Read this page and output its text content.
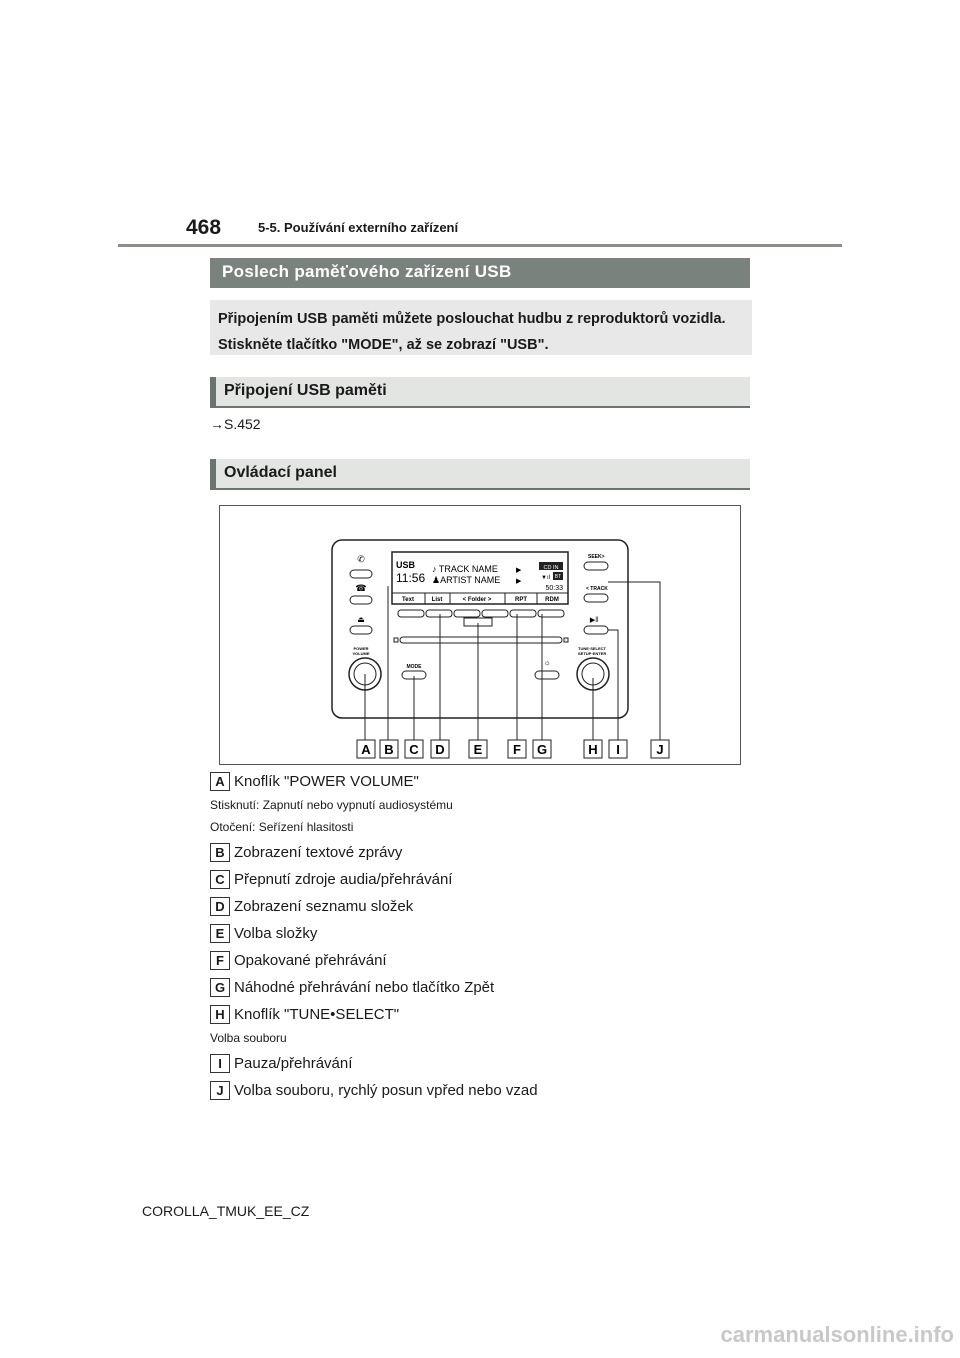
468	5-5. Používání externího zařízení
Poslech paměťového zařízení USB
Připojením USB paměti můžete poslouchat hudbu z reproduktorů vozidla. Stiskněte tlačítko "MODE", až se zobrazí "USB".
Připojení USB paměti
→S.452
Ovládací panel
✆
☎
⏏
POWER
VOLUME
USB
11:56
♪ TRACK NAME
♟ARTIST NAME
▶
▶
CD IN
▼ıl BT
50:33
Text	List	< Folder >	RPT	RDM
MODE	☼
SEEK>
< TRACK
▶‖
TUNE·SELECT
SETUP·ENTER
A B C D E F G	H I	J
A Knoflík "POWER VOLUME"
Stisknutí: Zapnutí nebo vypnutí audiosystému
Otočení: Seřízení hlasitosti
B Zobrazení textové zprávy
C Přepnutí zdroje audia/přehrávání
D Zobrazení seznamu složek
E Volba složky
F Opakované přehrávání
G Náhodné přehrávání nebo tlačítko Zpět
H Knoflík "TUNE•SELECT"
Volba souboru
I Pauza/přehrávání
J Volba souboru, rychlý posun vpřed nebo vzad
COROLLA_TMUK_EE_CZ
carmanualsonline.info
